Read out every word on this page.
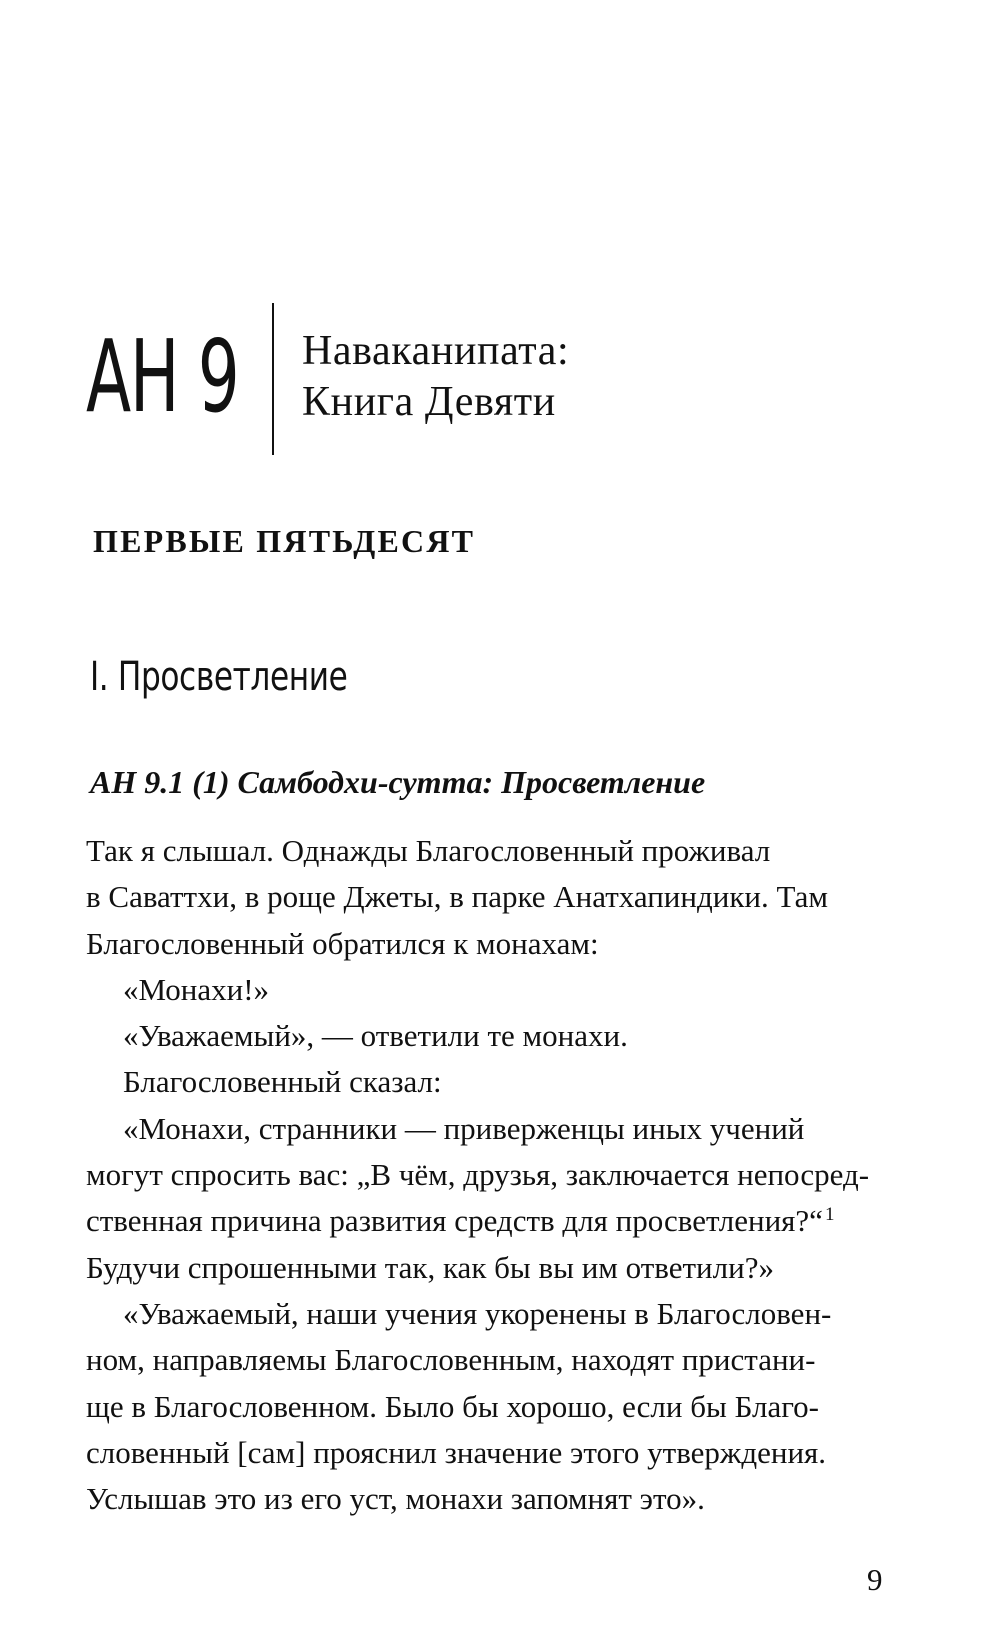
АН 9 Наваканипата:
Книга Девяти
ПЕРВЫЕ ПЯТЬДЕСЯТ
I. Просветление
АН 9.1 (1) Самбодхи-сутта: Просветление
Так я слышал. Однажды Благословенный проживал
в Саваттхи, в роще Джеты, в парке Анатхапиндики. Там
Благословенный обратился к монахам:
«Монахи!»
«Уважаемый», — ответили те монахи.
Благословенный сказал:
«Монахи, странники — приверженцы иных учений
могут спросить вас: „В чём, друзья, заключается непосред-
ственная причина развития средств для просветления?“ $^1$
Будучи спрошенными так, как бы вы им ответили?»
«Уважаемый, наши учения укоренены в Благословен-
ном, направляемы Благословенным, находят пристани-
ще в Благословенном. Было бы хорошо, если бы Благо-
словенный [сам] прояснил значение этого утверждения.
Услышав это из его уст, монахи запомнят это».
9
